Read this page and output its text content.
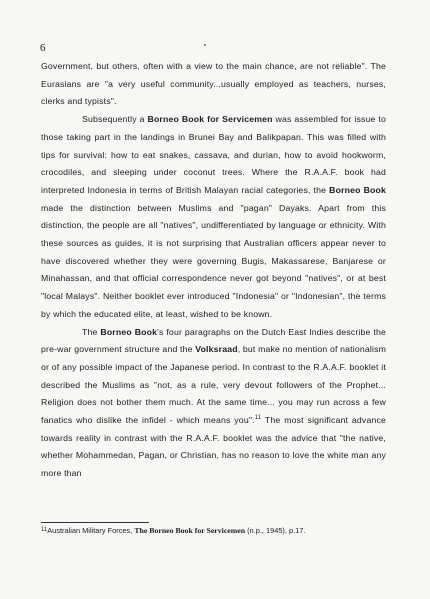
6

Government, but others, often with a view to the main chance, are not reliable". The Eurasians are "a very useful community...usually employed as teachers, nurses, clerks and typists".

Subsequently a Borneo Book for Servicemen was assembled for issue to those taking part in the landings in Brunei Bay and Balikpapan. This was filled with tips for survival: how to eat snakes, cassava, and durian, how to avoid hookworm, crocodiles, and sleeping under coconut trees. Where the R.A.A.F. book had interpreted Indonesia in terms of British Malayan racial categories, the Borneo Book made the distinction between Muslims and "pagan" Dayaks. Apart from this distinction, the people are all "natives", undifferentiated by language or ethnicity. With these sources as guides, it is not surprising that Australian officers appear never to have discovered whether they were governing Bugis, Makassarese, Banjarese or Minahassan, and that official correspondence never got beyond "natives", or at best "local Malays". Neither booklet ever introduced "Indonesia" or "Indonesian", the terms by which the educated elite, at least, wished to be known.

The Borneo Book's four paragraphs on the Dutch East Indies describe the pre-war government structure and the Volksraad, but make no mention of nationalism or of any possible impact of the Japanese period. In contrast to the R.A.A.F. booklet it described the Muslims as "not, as a rule, very devout followers of the Prophet... Religion does not bother them much. At the same time... you may run across a few fanatics who dislike the infidel - which means you".$^{11}$ The most significant advance towards reality in contrast with the R.A.A.F. booklet was the advice that "the native, whether Mohammedan, Pagan, or Christian, has no reason to love the white man any more than

$^{11}$Australian Military Forces, The Borneo Book for Servicemen (n.p., 1945), p.17.
